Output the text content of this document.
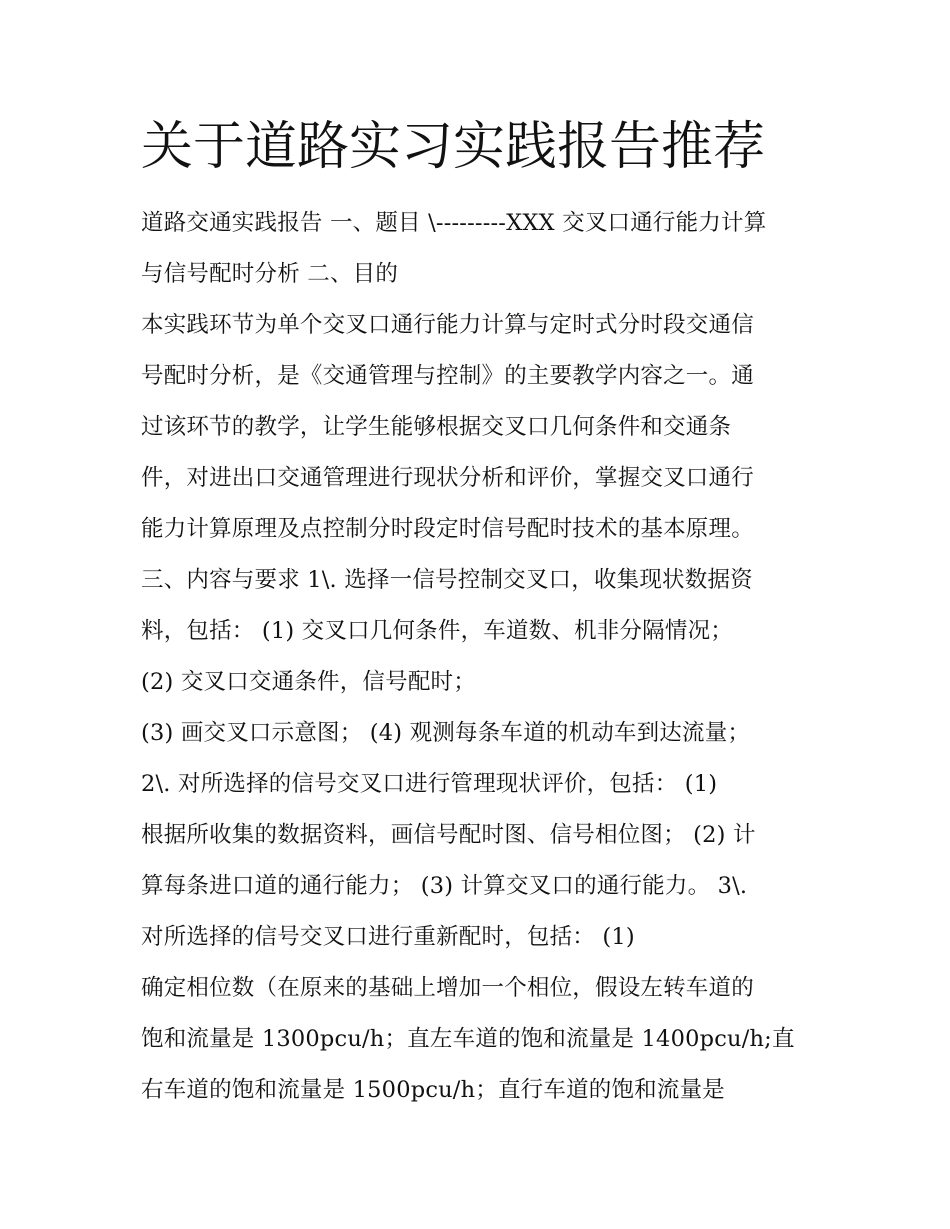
关于道路实习实践报告推荐
道路交通实践报告 一、题目 \---------XXX 交叉口通行能力计算
与信号配时分析 二、目的
本实践环节为单个交叉口通行能力计算与定时式分时段交通信
号配时分析，是《交通管理与控制》的主要教学内容之一。通
过该环节的教学，让学生能够根据交叉口几何条件和交通条
件，对进出口交通管理进行现状分析和评价，掌握交叉口通行
能力计算原理及点控制分时段定时信号配时技术的基本原理。
三、内容与要求 1\. 选择一信号控制交叉口，收集现状数据资
料，包括： (1) 交叉口几何条件，车道数、机非分隔情况；
(2) 交叉口交通条件，信号配时；
(3) 画交叉口示意图； (4) 观测每条车道的机动车到达流量；
2\. 对所选择的信号交叉口进行管理现状评价，包括： (1)
根据所收集的数据资料，画信号配时图、信号相位图； (2) 计
算每条进口道的通行能力； (3) 计算交叉口的通行能力。 3\.
对所选择的信号交叉口进行重新配时，包括： (1)
确定相位数（在原来的基础上增加一个相位，假设左转车道的
饱和流量是 1300pcu/h；直左车道的饱和流量是 1400pcu/h;直
右车道的饱和流量是 1500pcu/h；直行车道的饱和流量是
